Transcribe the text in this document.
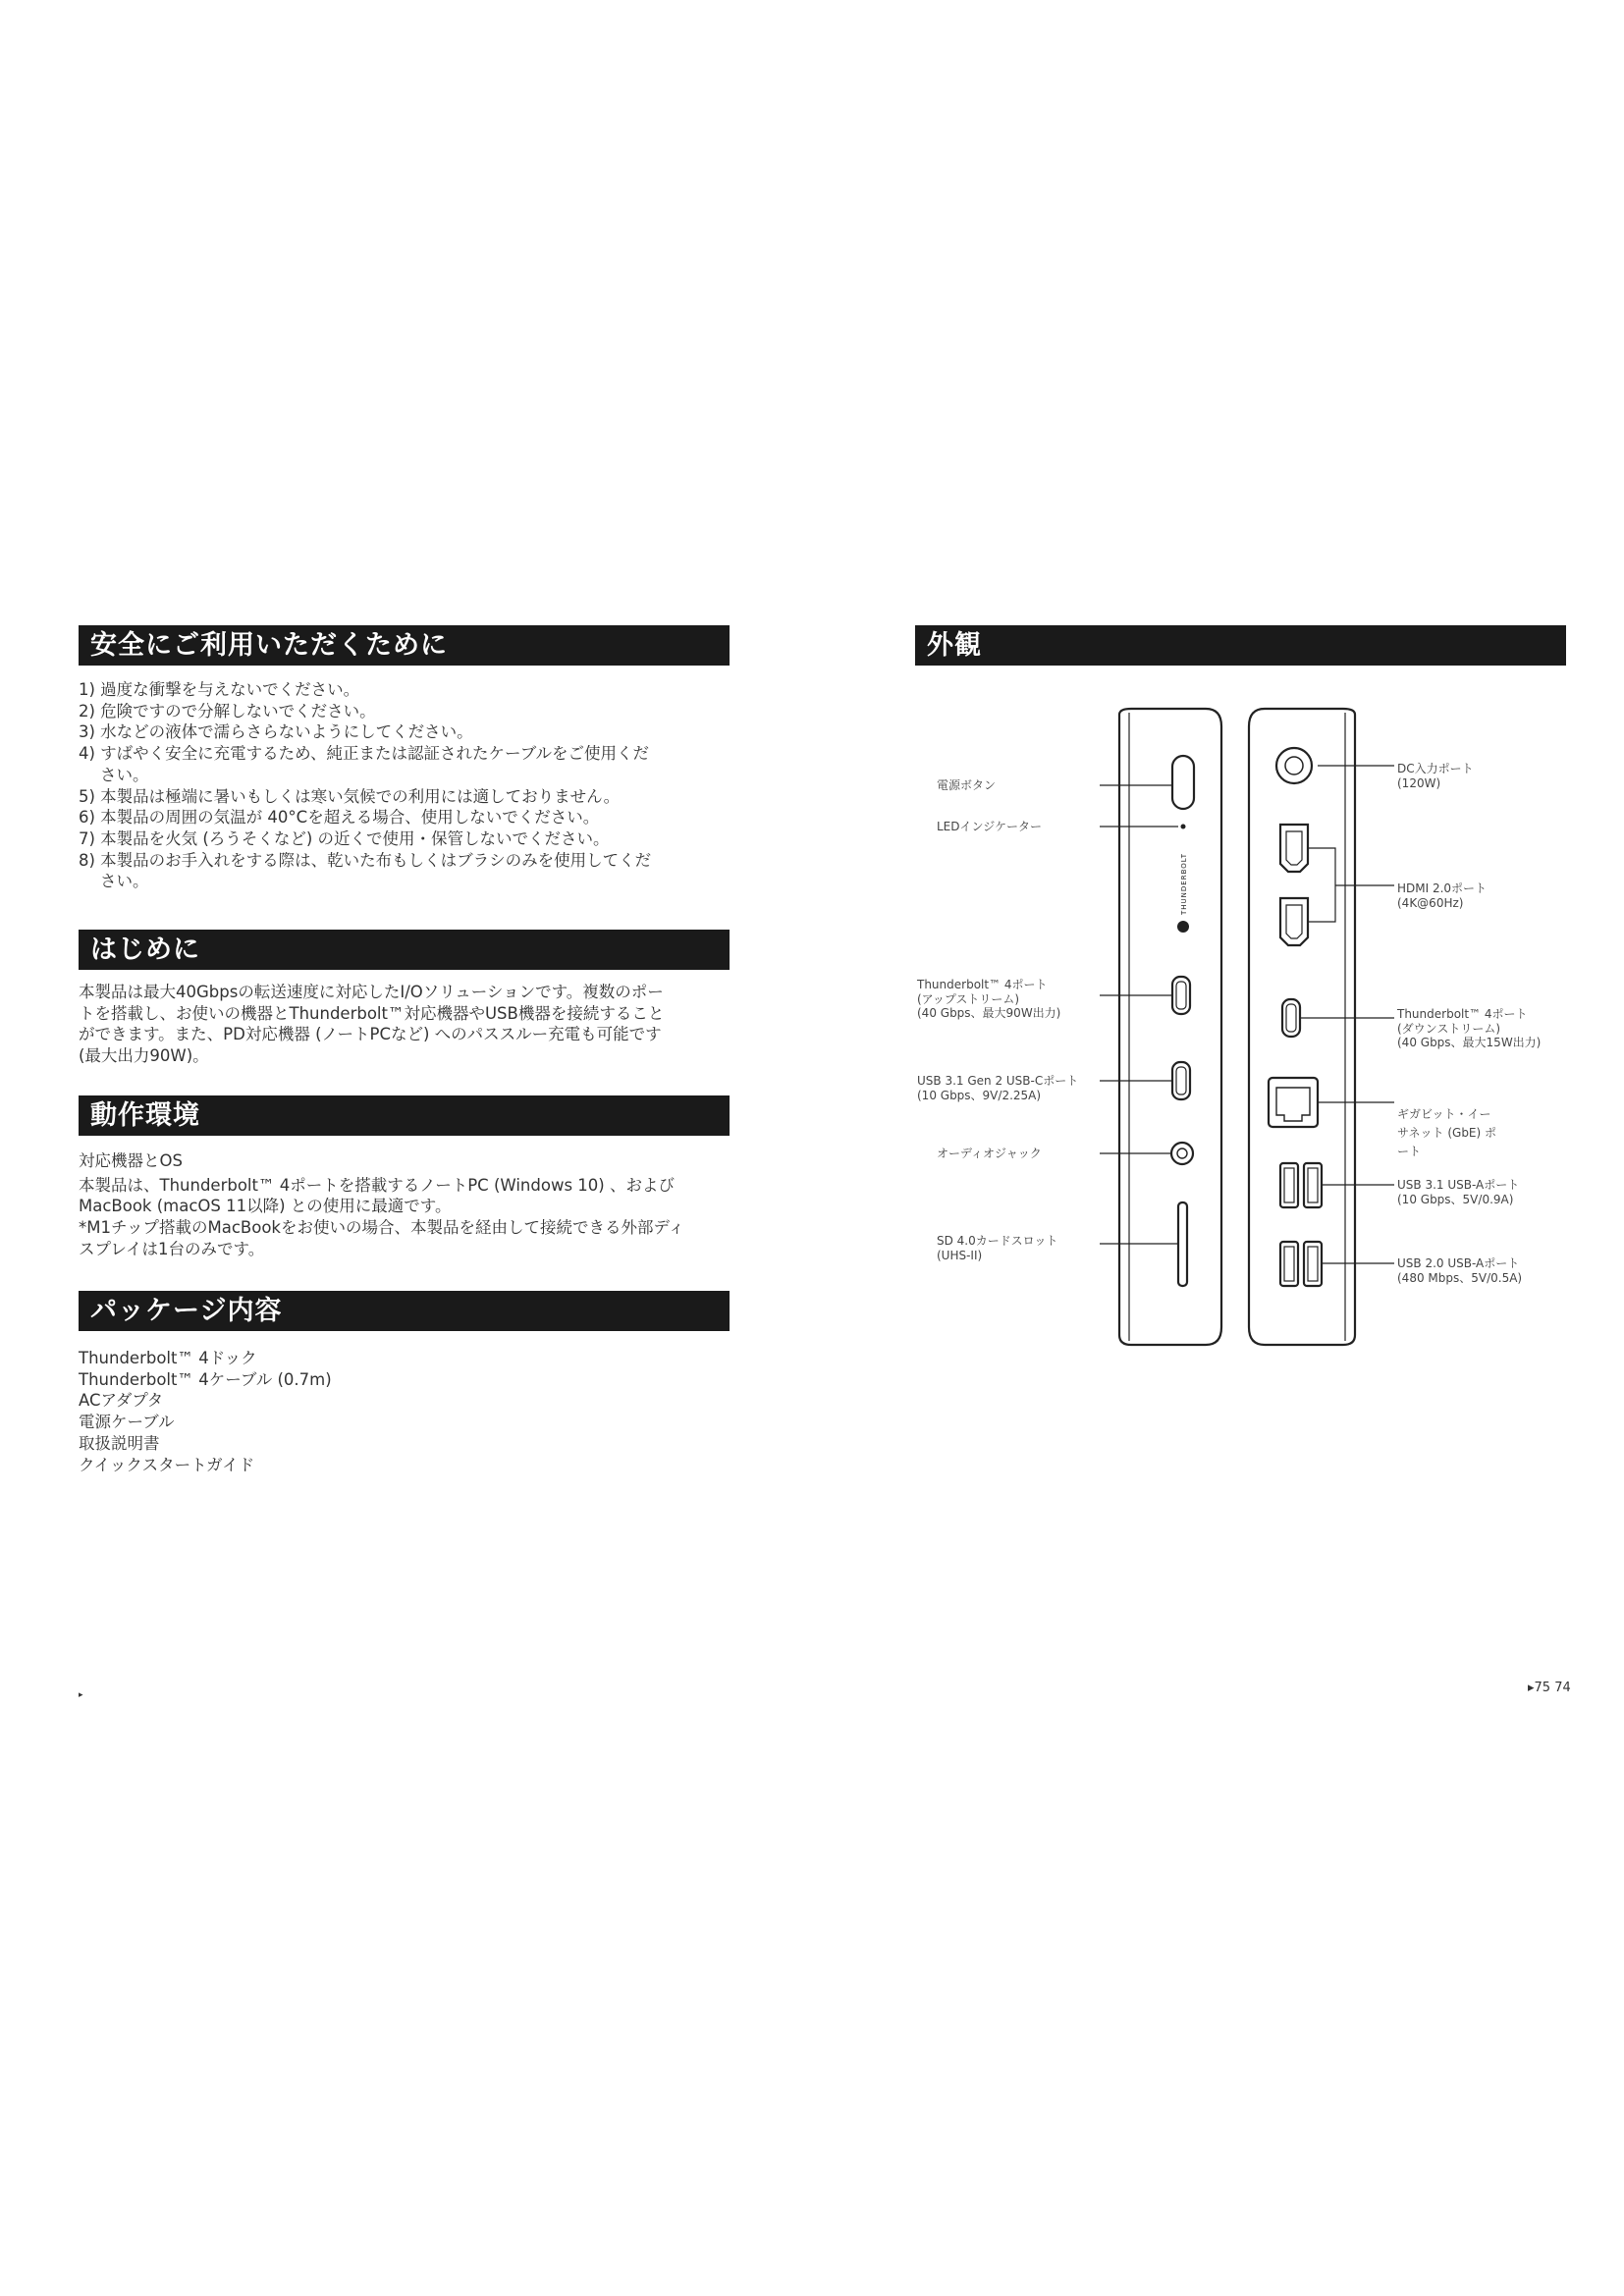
安全にご利用いただくために
1) 過度な衝撃を与えないでください。
2) 危険ですので分解しないでください。
3) 水などの液体で濡らさらないようにしてください。
4) すばやく安全に充電するため、純正または認証されたケーブルをご使用くだ
さい。
5) 本製品は極端に暑いもしくは寒い気候での利用には適しておりません。
6) 本製品の周囲の気温が 40°Cを超える場合、使用しないでください。
7) 本製品を火気 (ろうそくなど) の近くで使用・保管しないでください。
8) 本製品のお手入れをする際は、乾いた布もしくはブラシのみを使用してくだ
さい。
はじめに
本製品は最大40Gbpsの転送速度に対応したI/Oソリューションです。複数のポー
トを搭載し、お使いの機器とThunderbolt™対応機器やUSB機器を接続すること
ができます。また、PD対応機器 (ノートPCなど) へのパススルー充電も可能です
(最大出力90W)。
動作環境
対応機器とOS
本製品は、Thunderbolt™ 4ポートを搭載するノートPC (Windows 10) 、および
MacBook (macOS 11以降) との使用に最適です。
*M1チップ搭載のMacBookをお使いの場合、本製品を経由して接続できる外部ディ
スプレイは1台のみです。
パッケージ内容
Thunderbolt™ 4ドック
Thunderbolt™ 4ケーブル (0.7m)
ACアダプタ
電源ケーブル
取扱説明書
クイックスタートガイド
▸
外観
THUNDERBOLT
電源ボタン
LEDインジケーター
Thunderbolt™ 4ポート
(アップストリーム)
(40 Gbps、最大90W出力)
USB 3.1 Gen 2 USB-Cポート
(10 Gbps、9V/2.25A)
オーディオジャック
SD 4.0カードスロット
(UHS-II)
DC入力ポート
(120W)
HDMI 2.0ポート
(4K@60Hz)
Thunderbolt™ 4ポート
(ダウンストリーム)
(40 Gbps、最大15W出力)
ギガビット・イー
サネット (GbE) ポ
ート
USB 3.1 USB-Aポート
(10 Gbps、5V/0.9A)
USB 2.0 USB-Aポート
(480 Mbps、5V/0.5A)
▸75 74
